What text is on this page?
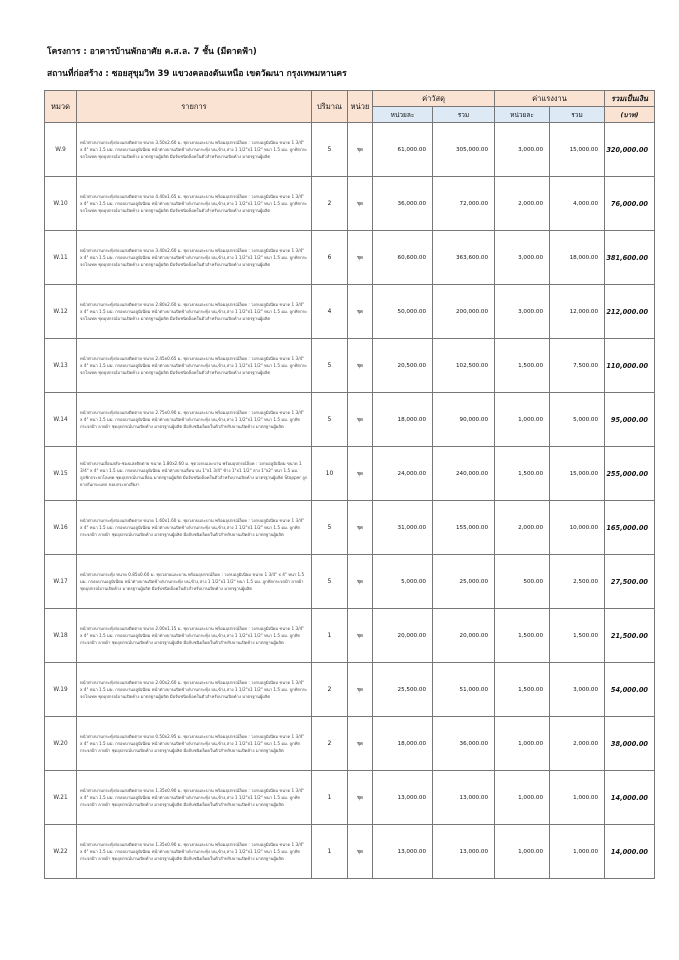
โครงการ : อาคารบ้านพักอาศัย ค.ส.ล. 7 ชั้น (มีดาดฟ้า)
สถานที่ก่อสร้าง : ซอยสุขุมวิท 39 แขวงคลองตันเหนือ เขตวัฒนา กรุงเทพมหานคร
หมวด	รายการ	ปริมาณ	หน่วย	ค่าวัสดุ		ค่าแรงงาน		รวมเป็นเงิน
				หน่วยละ	รวม	หน่วยละ	รวม	(บาท)
W.9	หน้าต่างบานกระทุ้งร่องแสงติดตาย ขนาด 3.50x2.60 ม. ชุดวงกบและบาน พร้อมอุปกรณ์ล็อค : วงกบอลูมิเนียม ขนาด 1 3/4" x 4" หนา 1.5 มม. กรอบบานอลูมิเนียม หน้าต่างบานเปิดข้าง/บานกระทุ้ง บน,ข้าง,ล่าง 1 1/2"x1 1/2" หนา 1.5 มม. ลูกฟักกระจกโลเทค ชุดอุปกรณ์บานเปิดค้าง มาตรฐานผู้ผลิต มือจับชนิดล็อคในตัวสำหรับบานเปิดค้าง มาตรฐานผู้ผลิต	5	ชุด	61,000.00	305,000.00	3,000.00	15,000.00	320,000.00
W.10	หน้าต่างบานกระทุ้งร่องแสงติดตาย ขนาด 4.40x1.65 ม. ชุดวงกบและบาน พร้อมอุปกรณ์ล็อค : วงกบอลูมิเนียม ขนาด 1 3/4" x 4" หนา 1.5 มม. กรอบบานอลูมิเนียม หน้าต่างบานเปิดข้าง/บานกระทุ้ง บน,ข้าง,ล่าง 1 1/2"x1 1/2" หนา 1.5 มม. ลูกฟักกระจกโลเทค ชุดอุปกรณ์บานเปิดค้าง มาตรฐานผู้ผลิต มือจับชนิดล็อคในตัวสำหรับบานเปิดค้าง มาตรฐานผู้ผลิต	2	ชุด	36,000.00	72,000.00	2,000.00	4,000.00	76,000.00
W.11	หน้าต่างบานกระทุ้งร่องแสงติดตาย ขนาด 3.40x2.60 ม. ชุดวงกบและบาน พร้อมอุปกรณ์ล็อค : วงกบอลูมิเนียม ขนาด 1 3/4" x 4" หนา 1.5 มม. กรอบบานอลูมิเนียม หน้าต่างบานเปิดข้าง/บานกระทุ้ง บน,ข้าง,ล่าง 1 1/2"x1 1/2" หนา 1.5 มม. ลูกฟักกระจกโลเทค ชุดอุปกรณ์บานเปิดค้าง มาตรฐานผู้ผลิต มือจับชนิดล็อคในตัวสำหรับบานเปิดค้าง มาตรฐานผู้ผลิต	6	ชุด	60,600.00	363,600.00	3,000.00	18,000.00	381,600.00
W.12	หน้าต่างบานกระทุ้งร่องแสงติดตาย ขนาด 2.80x2.60 ม. ชุดวงกบและบาน พร้อมอุปกรณ์ล็อค : วงกบอลูมิเนียม ขนาด 1 3/4" x 4" หนา 1.5 มม. กรอบบานอลูมิเนียม หน้าต่างบานเปิดข้าง/บานกระทุ้ง บน,ข้าง,ล่าง 1 1/2"x1 1/2" หนา 1.5 มม. ลูกฟักกระจกโลเทค ชุดอุปกรณ์บานเปิดค้าง มาตรฐานผู้ผลิต มือจับชนิดล็อคในตัวสำหรับบานเปิดค้าง มาตรฐานผู้ผลิต	4	ชุด	50,000.00	200,000.00	3,000.00	12,000.00	212,000.00
W.13	หน้าต่างบานกระทุ้งร่องแสงติดตาย ขนาด 2.45x0.65 ม. ชุดวงกบและบาน พร้อมอุปกรณ์ล็อค : วงกบอลูมิเนียม ขนาด 1 3/4" x 4" หนา 1.5 มม. กรอบบานอลูมิเนียม หน้าต่างบานเปิดข้าง/บานกระทุ้ง บน,ข้าง,ล่าง 1 1/2"x1 1/2" หนา 1.5 มม. ลูกฟักกระจกโลเทค ชุดอุปกรณ์บานเปิดค้าง มาตรฐานผู้ผลิต มือจับชนิดล็อคในตัวสำหรับบานเปิดค้าง มาตรฐานผู้ผลิต	5	ชุด	20,500.00	102,500.00	1,500.00	7,500.00	110,000.00
W.14	หน้าต่างบานกระทุ้งร่องแสงติดตาย ขนาด 2.75x0.90 ม. ชุดวงกบและบาน พร้อมอุปกรณ์ล็อค : วงกบอลูมิเนียม ขนาด 1 3/4" x 4" หนา 1.5 มม. กรอบบานอลูมิเนียม หน้าต่างบานเปิดข้าง/บานกระทุ้ง บน,ข้าง,ล่าง 1 1/2"x1 1/2" หนา 1.5 มม. ลูกฟักกระจกฝ้า ลายผ้า ชุดอุปกรณ์บานเปิดค้าง มาตรฐานผู้ผลิต มือจับชนิดล็อคในตัวสำหรับบานเปิดค้าง มาตรฐานผู้ผลิต	5	ชุด	18,000.00	90,000.00	1,000.00	5,000.00	95,000.00
W.15	หน้าต่างบานเลื่อนสลับ-ช่องแสงติดตาย ขนาด 1.80x2.60 ม. ชุดวงกบและบาน พร้อมอุปกรณ์ล็อค : วงกบอลูมิเนียม ขนาด 1 3/4" x 4" หนา 1.5 มม. กรอบบานอลูมิเนียม หน้าต่างบานเลื่อน บน 1"x1 3/4" ข้าง 1"x1 1/2" ล่าง 1"x2" หนา 1.5 มม. ลูกฟักกระจกโลเทค ชุดอุปกรณ์บานเลื่อน มาตรฐานผู้ผลิต มือจับชนิดล็อคในตัวสำหรับบานเปิดค้าง มาตรฐานผู้ผลิต Stopper ลูกยางกันกระแทก ขอบกระจกเสียงา	10	ชุด	24,000.00	240,000.00	1,500.00	15,000.00	255,000.00
W.16	หน้าต่างบานกระทุ้งร่องแสงติดตาย ขนาด 1.60x1.60 ม. ชุดวงกบและบาน พร้อมอุปกรณ์ล็อค : วงกบอลูมิเนียม ขนาด 1 3/4" x 4" หนา 1.5 มม. กรอบบานอลูมิเนียม หน้าต่างบานเปิดข้าง/บานกระทุ้ง บน,ข้าง,ล่าง 1 1/2"x1 1/2" หนา 1.5 มม. ลูกฟักกระจกฝ้า ลายผ้า ชุดอุปกรณ์บานเปิดค้าง มาตรฐานผู้ผลิต มือจับชนิดล็อคในตัวสำหรับบานเปิดค้าง มาตรฐานผู้ผลิต	5	ชุด	31,000.00	155,000.00	2,000.00	10,000.00	165,000.00
W.17	หน้าต่างบานกระทุ้ง ขนาด 0.85x0.60 ม. ชุดวงกบและบาน พร้อมอุปกรณ์ล็อค : วงกบอลูมิเนียม ขนาด 1 3/4" x 4" หนา 1.5 มม. กรอบบานอลูมิเนียม หน้าต่างบานเปิดข้าง/บานกระทุ้ง บน,ข้าง,ล่าง 1 1/2"x1 1/2" หนา 1.5 มม. ลูกฟักกระจกฝ้า ลายผ้า ชุดอุปกรณ์บานเปิดค้าง มาตรฐานผู้ผลิต มือจับชนิดล็อคในตัวสำหรับบานเปิดค้าง มาตรฐานผู้ผลิต	5	ชุด	5,000.00	25,000.00	500.00	2,500.00	27,500.00
W.18	หน้าต่างบานกระทุ้งร่องแสงติดตาย ขนาด 2.00x1.15 ม. ชุดวงกบและบาน พร้อมอุปกรณ์ล็อค : วงกบอลูมิเนียม ขนาด 1 3/4" x 4" หนา 1.5 มม. กรอบบานอลูมิเนียม หน้าต่างบานเปิดข้าง/บานกระทุ้ง บน,ข้าง,ล่าง 1 1/2"x1 1/2" หนา 1.5 มม. ลูกฟักกระจกฝ้า ลายผ้า ชุดอุปกรณ์บานเปิดค้าง มาตรฐานผู้ผลิต มือจับชนิดล็อคในตัวสำหรับบานเปิดค้าง มาตรฐานผู้ผลิต	1	ชุด	20,000.00	20,000.00	1,500.00	1,500.00	21,500.00
W.19	หน้าต่างบานกระทุ้งร่องแสงติดตาย ขนาด 2.00x2.60 ม. ชุดวงกบและบาน พร้อมอุปกรณ์ล็อค : วงกบอลูมิเนียม ขนาด 1 3/4" x 4" หนา 1.5 มม. กรอบบานอลูมิเนียม หน้าต่างบานเปิดข้าง/บานกระทุ้ง บน,ข้าง,ล่าง 1 1/2"x1 1/2" หนา 1.5 มม. ลูกฟักกระจกโลเทค ชุดอุปกรณ์บานเปิดค้าง มาตรฐานผู้ผลิต มือจับชนิดล็อคในตัวสำหรับบานเปิดค้าง มาตรฐานผู้ผลิต	2	ชุด	25,500.00	51,000.00	1,500.00	3,000.00	54,000.00
W.20	หน้าต่างบานกระทุ้งร่องแสงติดตาย ขนาด 0.50x2.95 ม. ชุดวงกบและบาน พร้อมอุปกรณ์ล็อค : วงกบอลูมิเนียม ขนาด 1 3/4" x 4" หนา 1.5 มม. กรอบบานอลูมิเนียม หน้าต่างบานเปิดข้าง/บานกระทุ้ง บน,ข้าง,ล่าง 1 1/2"x1 1/2" หนา 1.5 มม. ลูกฟักกระจกฝ้า ลายผ้า ชุดอุปกรณ์บานเปิดค้าง มาตรฐานผู้ผลิต มือจับชนิดล็อคในตัวสำหรับบานเปิดค้าง มาตรฐานผู้ผลิต	2	ชุด	18,000.00	36,000.00	1,000.00	2,000.00	38,000.00
W.21	หน้าต่างบานกระทุ้งร่องแสงติดตาย ขนาด 1.35x0.90 ม. ชุดวงกบและบาน พร้อมอุปกรณ์ล็อค : วงกบอลูมิเนียม ขนาด 1 3/4" x 4" หนา 1.5 มม. กรอบบานอลูมิเนียม หน้าต่างบานเปิดข้าง/บานกระทุ้ง บน,ข้าง,ล่าง 1 1/2"x1 1/2" หนา 1.5 มม. ลูกฟักกระจกฝ้า ลายผ้า ชุดอุปกรณ์บานเปิดค้าง มาตรฐานผู้ผลิต มือจับชนิดล็อคในตัวสำหรับบานเปิดค้าง มาตรฐานผู้ผลิต	1	ชุด	13,000.00	13,000.00	1,000.00	1,000.00	14,000.00
W.22	หน้าต่างบานกระทุ้งร่องแสงติดตาย ขนาด 1.35x0.90 ม. ชุดวงกบและบาน พร้อมอุปกรณ์ล็อค : วงกบอลูมิเนียม ขนาด 1 3/4" x 4" หนา 1.5 มม. กรอบบานอลูมิเนียม หน้าต่างบานเปิดข้าง/บานกระทุ้ง บน,ข้าง,ล่าง 1 1/2"x1 1/2" หนา 1.5 มม. ลูกฟักกระจกฝ้า ลายผ้า ชุดอุปกรณ์บานเปิดค้าง มาตรฐานผู้ผลิต มือจับชนิดล็อคในตัวสำหรับบานเปิดค้าง มาตรฐานผู้ผลิต	1	ชุด	13,000.00	13,000.00	1,000.00	1,000.00	14,000.00
